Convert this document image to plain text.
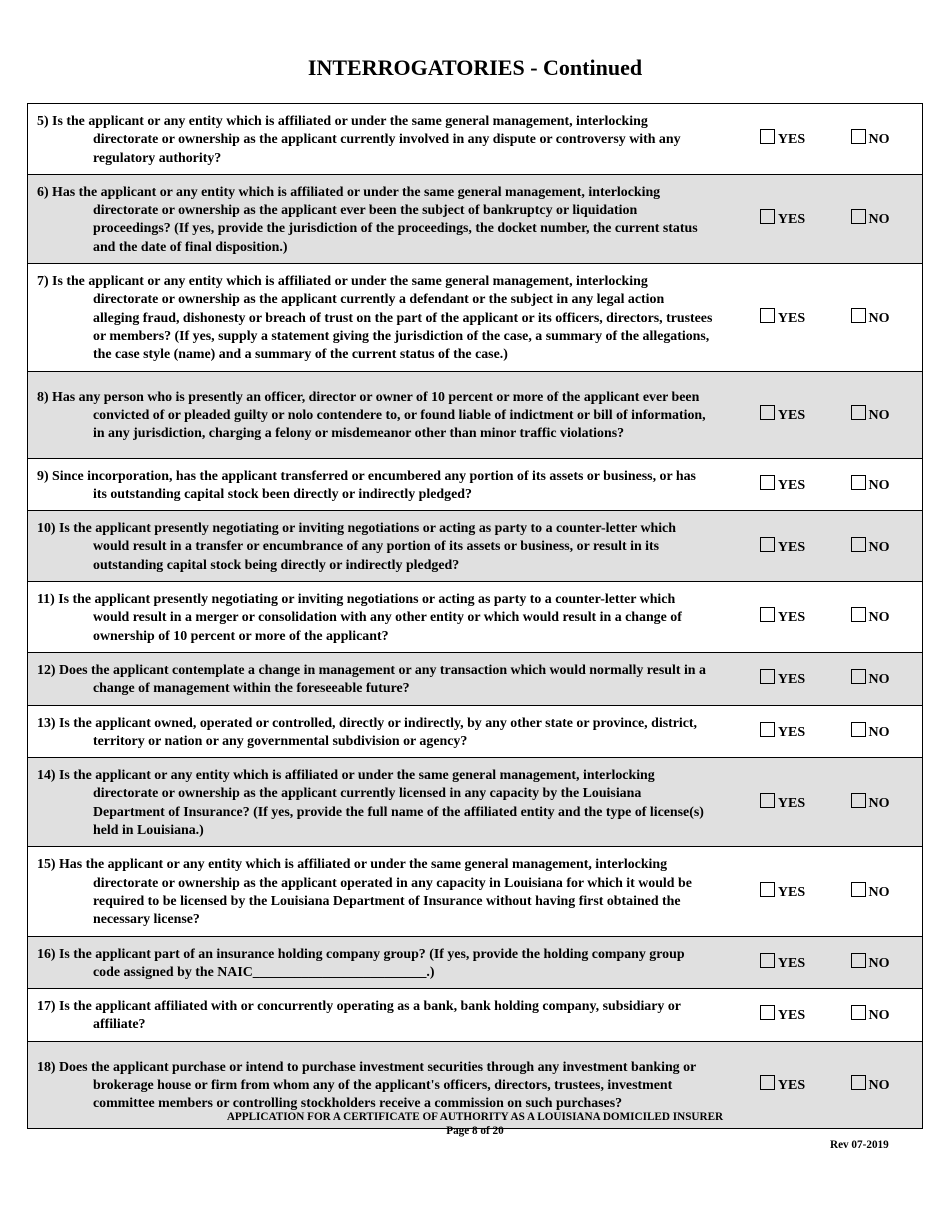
INTERROGATORIES - Continued
5) Is the applicant or any entity which is affiliated or under the same general management, interlocking directorate or ownership as the applicant currently involved in any dispute or controversy with any regulatory authority?	YES	NO

6) Has the applicant or any entity which is affiliated or under the same general management, interlocking directorate or ownership as the applicant ever been the subject of bankruptcy or liquidation proceedings? (If yes, provide the jurisdiction of the proceedings, the docket number, the current status and the date of final disposition.)	YES	NO

7) Is the applicant or any entity which is affiliated or under the same general management, interlocking directorate or ownership as the applicant currently a defendant or the subject in any legal action alleging fraud, dishonesty or breach of trust on the part of the applicant or its officers, directors, trustees or members? (If yes, supply a statement giving the jurisdiction of the case, a summary of the allegations, the case style (name) and a summary of the current status of the case.)	YES	NO

8) Has any person who is presently an officer, director or owner of 10 percent or more of the applicant ever been convicted of or pleaded guilty or nolo contendere to, or found liable of indictment or bill of information, in any jurisdiction, charging a felony or misdemeanor other than minor traffic violations?	YES	NO

9) Since incorporation, has the applicant transferred or encumbered any portion of its assets or business, or has its outstanding capital stock been directly or indirectly pledged?	YES	NO

10) Is the applicant presently negotiating or inviting negotiations or acting as party to a counter-letter which would result in a transfer or encumbrance of any portion of its assets or business, or result in its outstanding capital stock being directly or indirectly pledged?	YES	NO

11) Is the applicant presently negotiating or inviting negotiations or acting as party to a counter-letter which would result in a merger or consolidation with any other entity or which would result in a change of ownership of 10 percent or more of the applicant?	YES	NO

12) Does the applicant contemplate a change in management or any transaction which would normally result in a change of management within the foreseeable future?	YES	NO

13) Is the applicant owned, operated or controlled, directly or indirectly, by any other state or province, district, territory or nation or any governmental subdivision or agency?	YES	NO

14) Is the applicant or any entity which is affiliated or under the same general management, interlocking directorate or ownership as the applicant currently licensed in any capacity by the Louisiana Department of Insurance? (If yes, provide the full name of the affiliated entity and the type of license(s) held in Louisiana.)	YES	NO

15) Has the applicant or any entity which is affiliated or under the same general management, interlocking directorate or ownership as the applicant operated in any capacity in Louisiana for which it would be required to be licensed by the Louisiana Department of Insurance without having first obtained the necessary license?	YES	NO

16) Is the applicant part of an insurance holding company group? (If yes, provide the holding company group code assigned by the NAIC_________________________.)	YES	NO

17) Is the applicant affiliated with or concurrently operating as a bank, bank holding company, subsidiary or affiliate?	YES	NO

18) Does the applicant purchase or intend to purchase investment securities through any investment banking or brokerage house or firm from whom any of the applicant's officers, directors, trustees, investment committee members or controlling stockholders receive a commission on such purchases?	YES	NO
APPLICATION FOR A CERTIFICATE OF AUTHORITY AS A LOUISIANA DOMICILED INSURER
Page 8 of 20
Rev 07-2019
